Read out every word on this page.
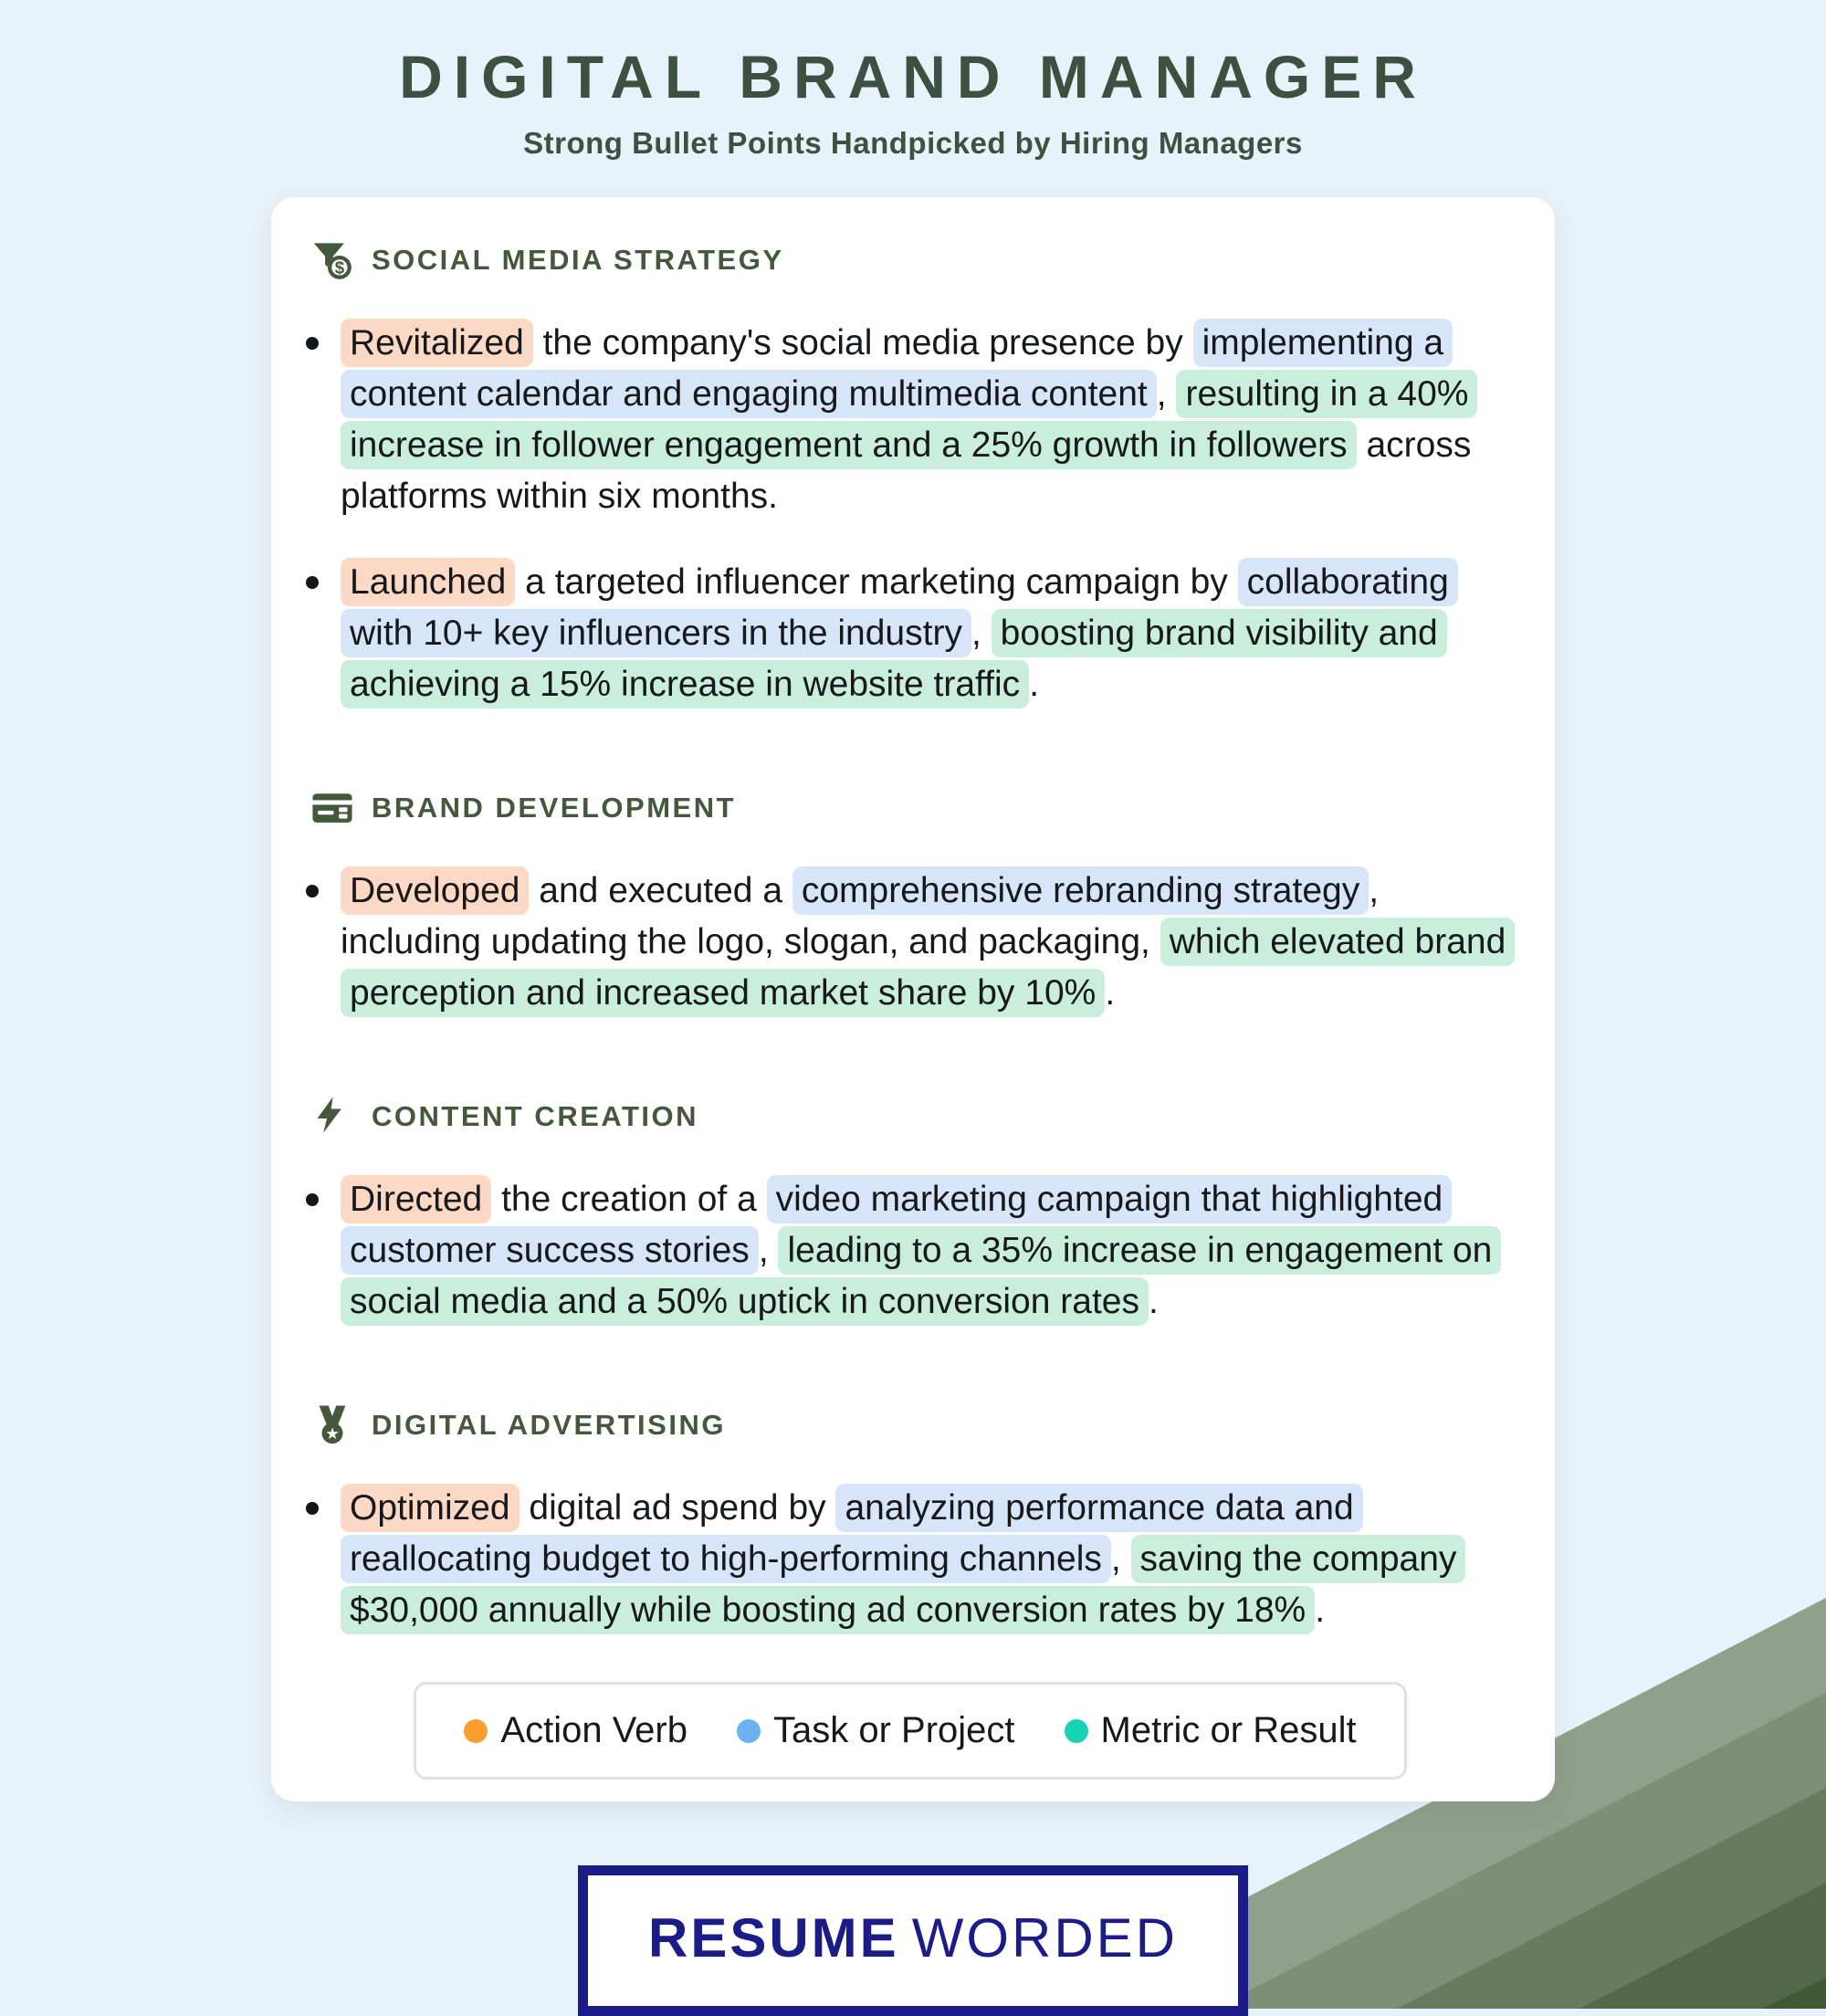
DIGITAL BRAND MANAGER
Strong Bullet Points Handpicked by Hiring Managers
$ SOCIAL MEDIA STRATEGY

Revitalized the company's social media presence by implementing a content calendar and engaging multimedia content , resulting in a 40% increase in follower engagement and a 25% growth in followers across platforms within six months.

Launched a targeted influencer marketing campaign by collaborating with 10+ key influencers in the industry , boosting brand visibility and achieving a 15% increase in website traffic .

BRAND DEVELOPMENT

Developed and executed a comprehensive rebranding strategy , including updating the logo, slogan, and packaging, which elevated brand perception and increased market share by 10% .

CONTENT CREATION

Directed the creation of a video marketing campaign that highlighted customer success stories , leading to a 35% increase in engagement on social media and a 50% uptick in conversion rates .

★ DIGITAL ADVERTISING

Optimized digital ad spend by analyzing performance data and reallocating budget to high-performing channels , saving the company $30,000 annually while boosting ad conversion rates by 18% .

Action Verb Task or Project Metric or Result
RESUME WORDED
